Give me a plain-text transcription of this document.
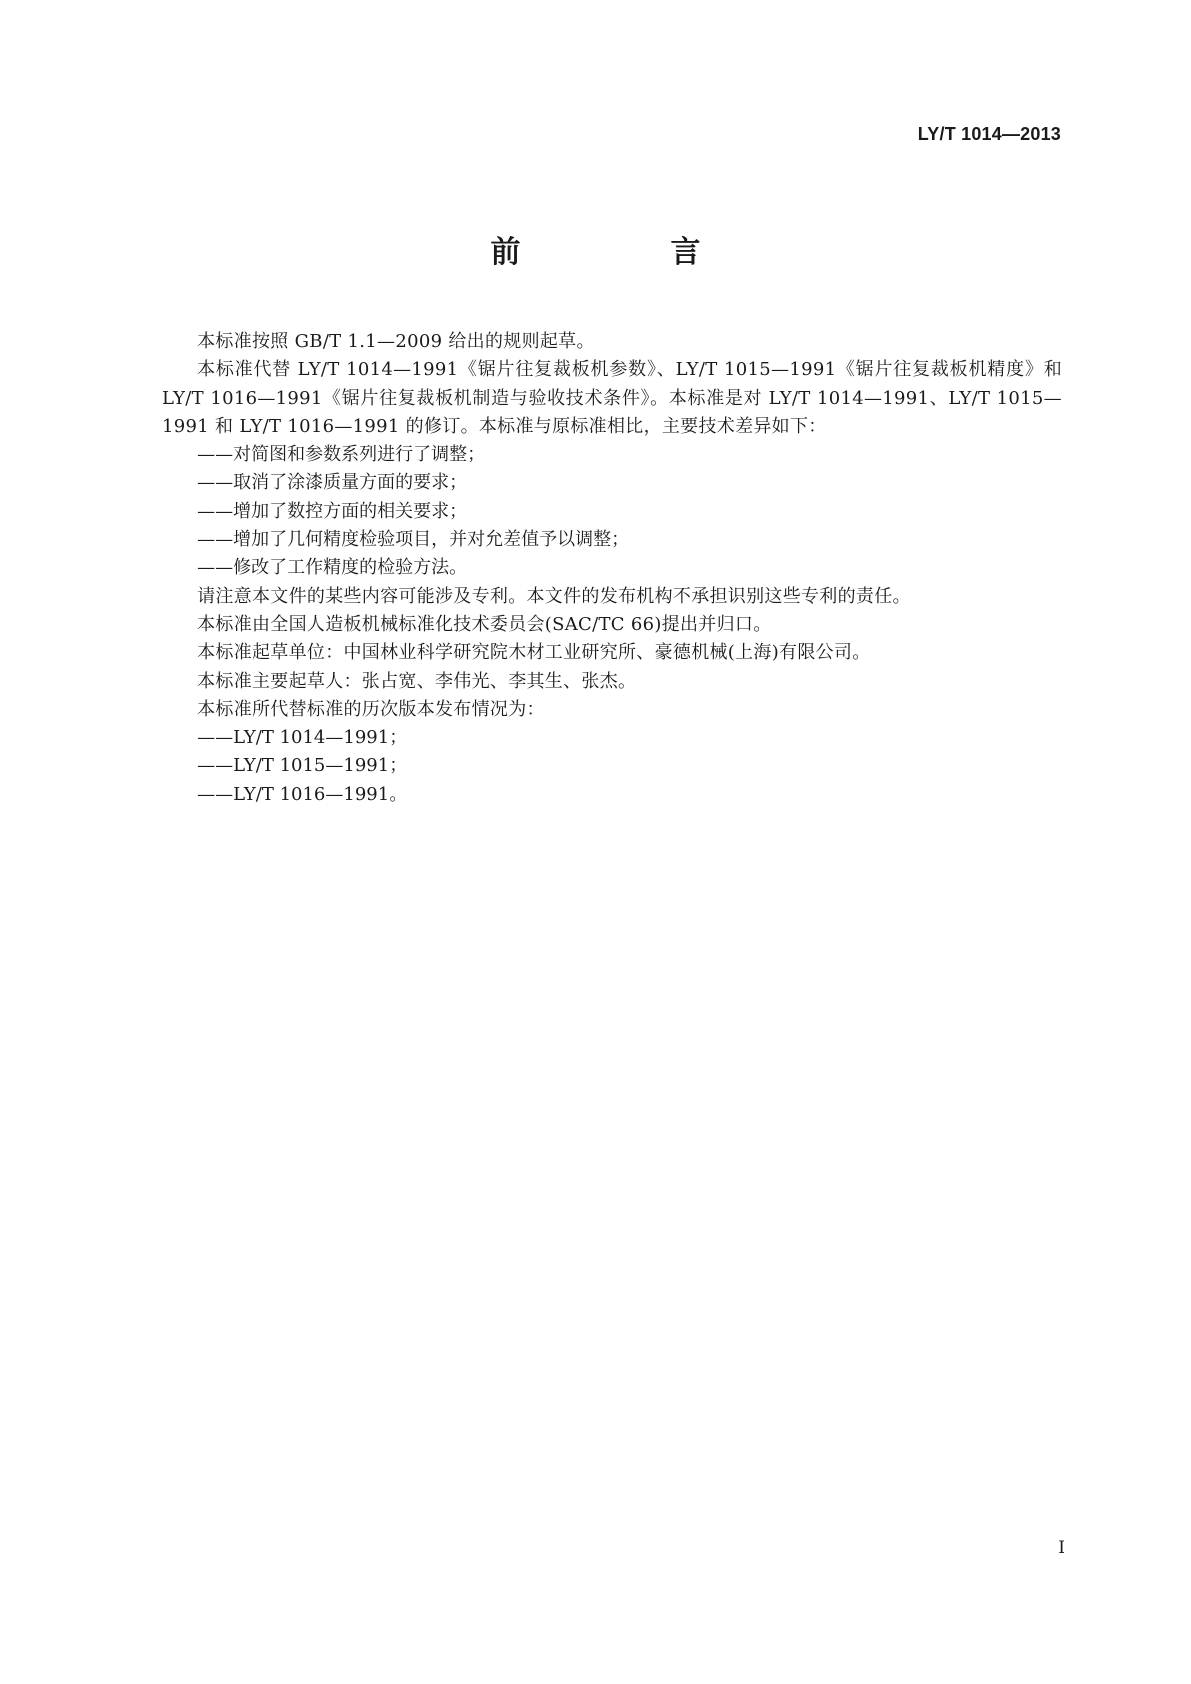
LY/T 1014—2013
前　言

本标准按照 GB/T 1.1—2009 给出的规则起草。

本标准代替 LY/T 1014—1991《锯片往复裁板机参数》、LY/T 1015—1991《锯片往复裁板机精度》和 LY/T 1016—1991《锯片往复裁板机制造与验收技术条件》。本标准是对 LY/T 1014—1991、LY/T 1015—1991 和 LY/T 1016—1991 的修订。本标准与原标准相比，主要技术差异如下：

——对简图和参数系列进行了调整；

——取消了涂漆质量方面的要求；

——增加了数控方面的相关要求；

——增加了几何精度检验项目，并对允差值予以调整；

——修改了工作精度的检验方法。

请注意本文件的某些内容可能涉及专利。本文件的发布机构不承担识别这些专利的责任。

本标准由全国人造板机械标准化技术委员会(SAC/TC 66)提出并归口。

本标准起草单位：中国林业科学研究院木材工业研究所、豪德机械(上海)有限公司。

本标准主要起草人：张占宽、李伟光、李其生、张杰。

本标准所代替标准的历次版本发布情况为：

——LY/T 1014—1991；

——LY/T 1015—1991；

——LY/T 1016—1991。

I
